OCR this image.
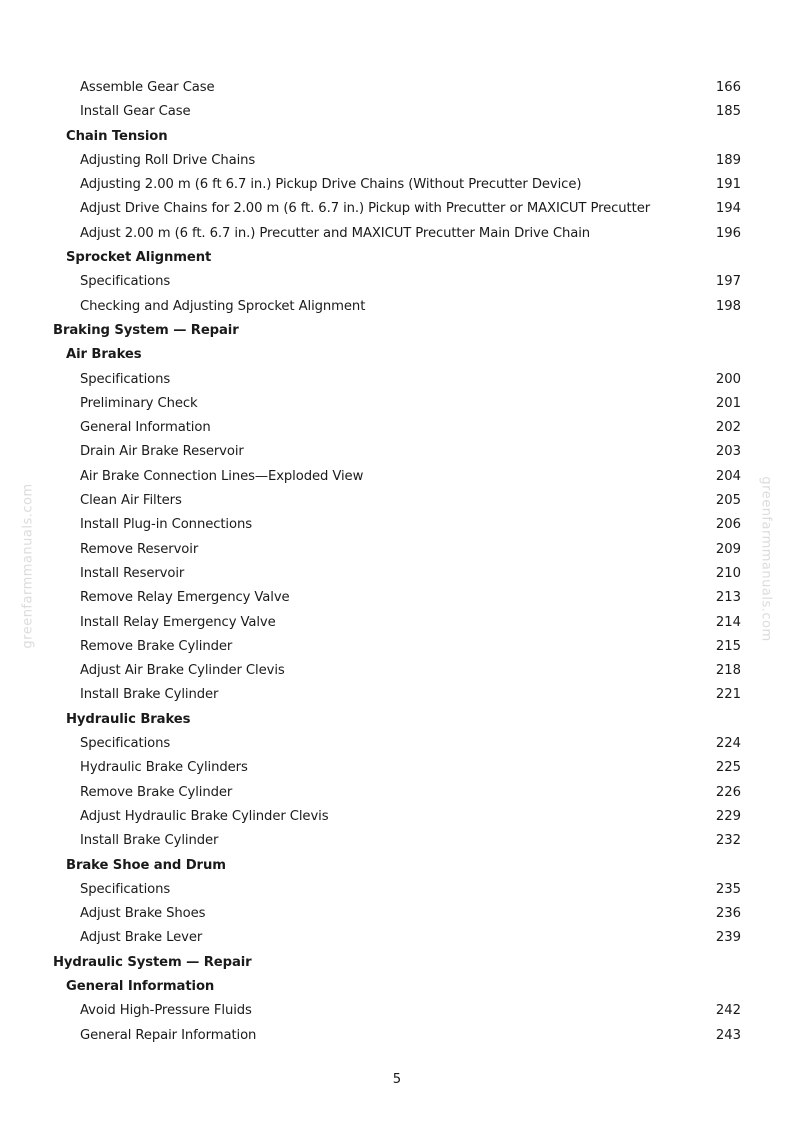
Assemble Gear Case	166
Install Gear Case	185
Chain Tension
Adjusting Roll Drive Chains	189
Adjusting 2.00 m (6 ft 6.7 in.) Pickup Drive Chains (Without Precutter Device)	191
Adjust Drive Chains for 2.00 m (6 ft. 6.7 in.) Pickup with Precutter or MAXICUT Precutter	194
Adjust 2.00 m (6 ft. 6.7 in.) Precutter and MAXICUT Precutter Main Drive Chain	196
Sprocket Alignment
Specifications	197
Checking and Adjusting Sprocket Alignment	198
Braking System — Repair
Air Brakes
Specifications	200
Preliminary Check	201
General Information	202
Drain Air Brake Reservoir	203
Air Brake Connection Lines—Exploded View	204
Clean Air Filters	205
Install Plug-in Connections	206
Remove Reservoir	209
Install Reservoir	210
Remove Relay Emergency Valve	213
Install Relay Emergency Valve	214
Remove Brake Cylinder	215
Adjust Air Brake Cylinder Clevis	218
Install Brake Cylinder	221
Hydraulic Brakes
Specifications	224
Hydraulic Brake Cylinders	225
Remove Brake Cylinder	226
Adjust Hydraulic Brake Cylinder Clevis	229
Install Brake Cylinder	232
Brake Shoe and Drum
Specifications	235
Adjust Brake Shoes	236
Adjust Brake Lever	239
Hydraulic System — Repair
General Information
Avoid High-Pressure Fluids	242
General Repair Information	243
greenfarmmanuals.com	greenfarmmanuals.com
5
